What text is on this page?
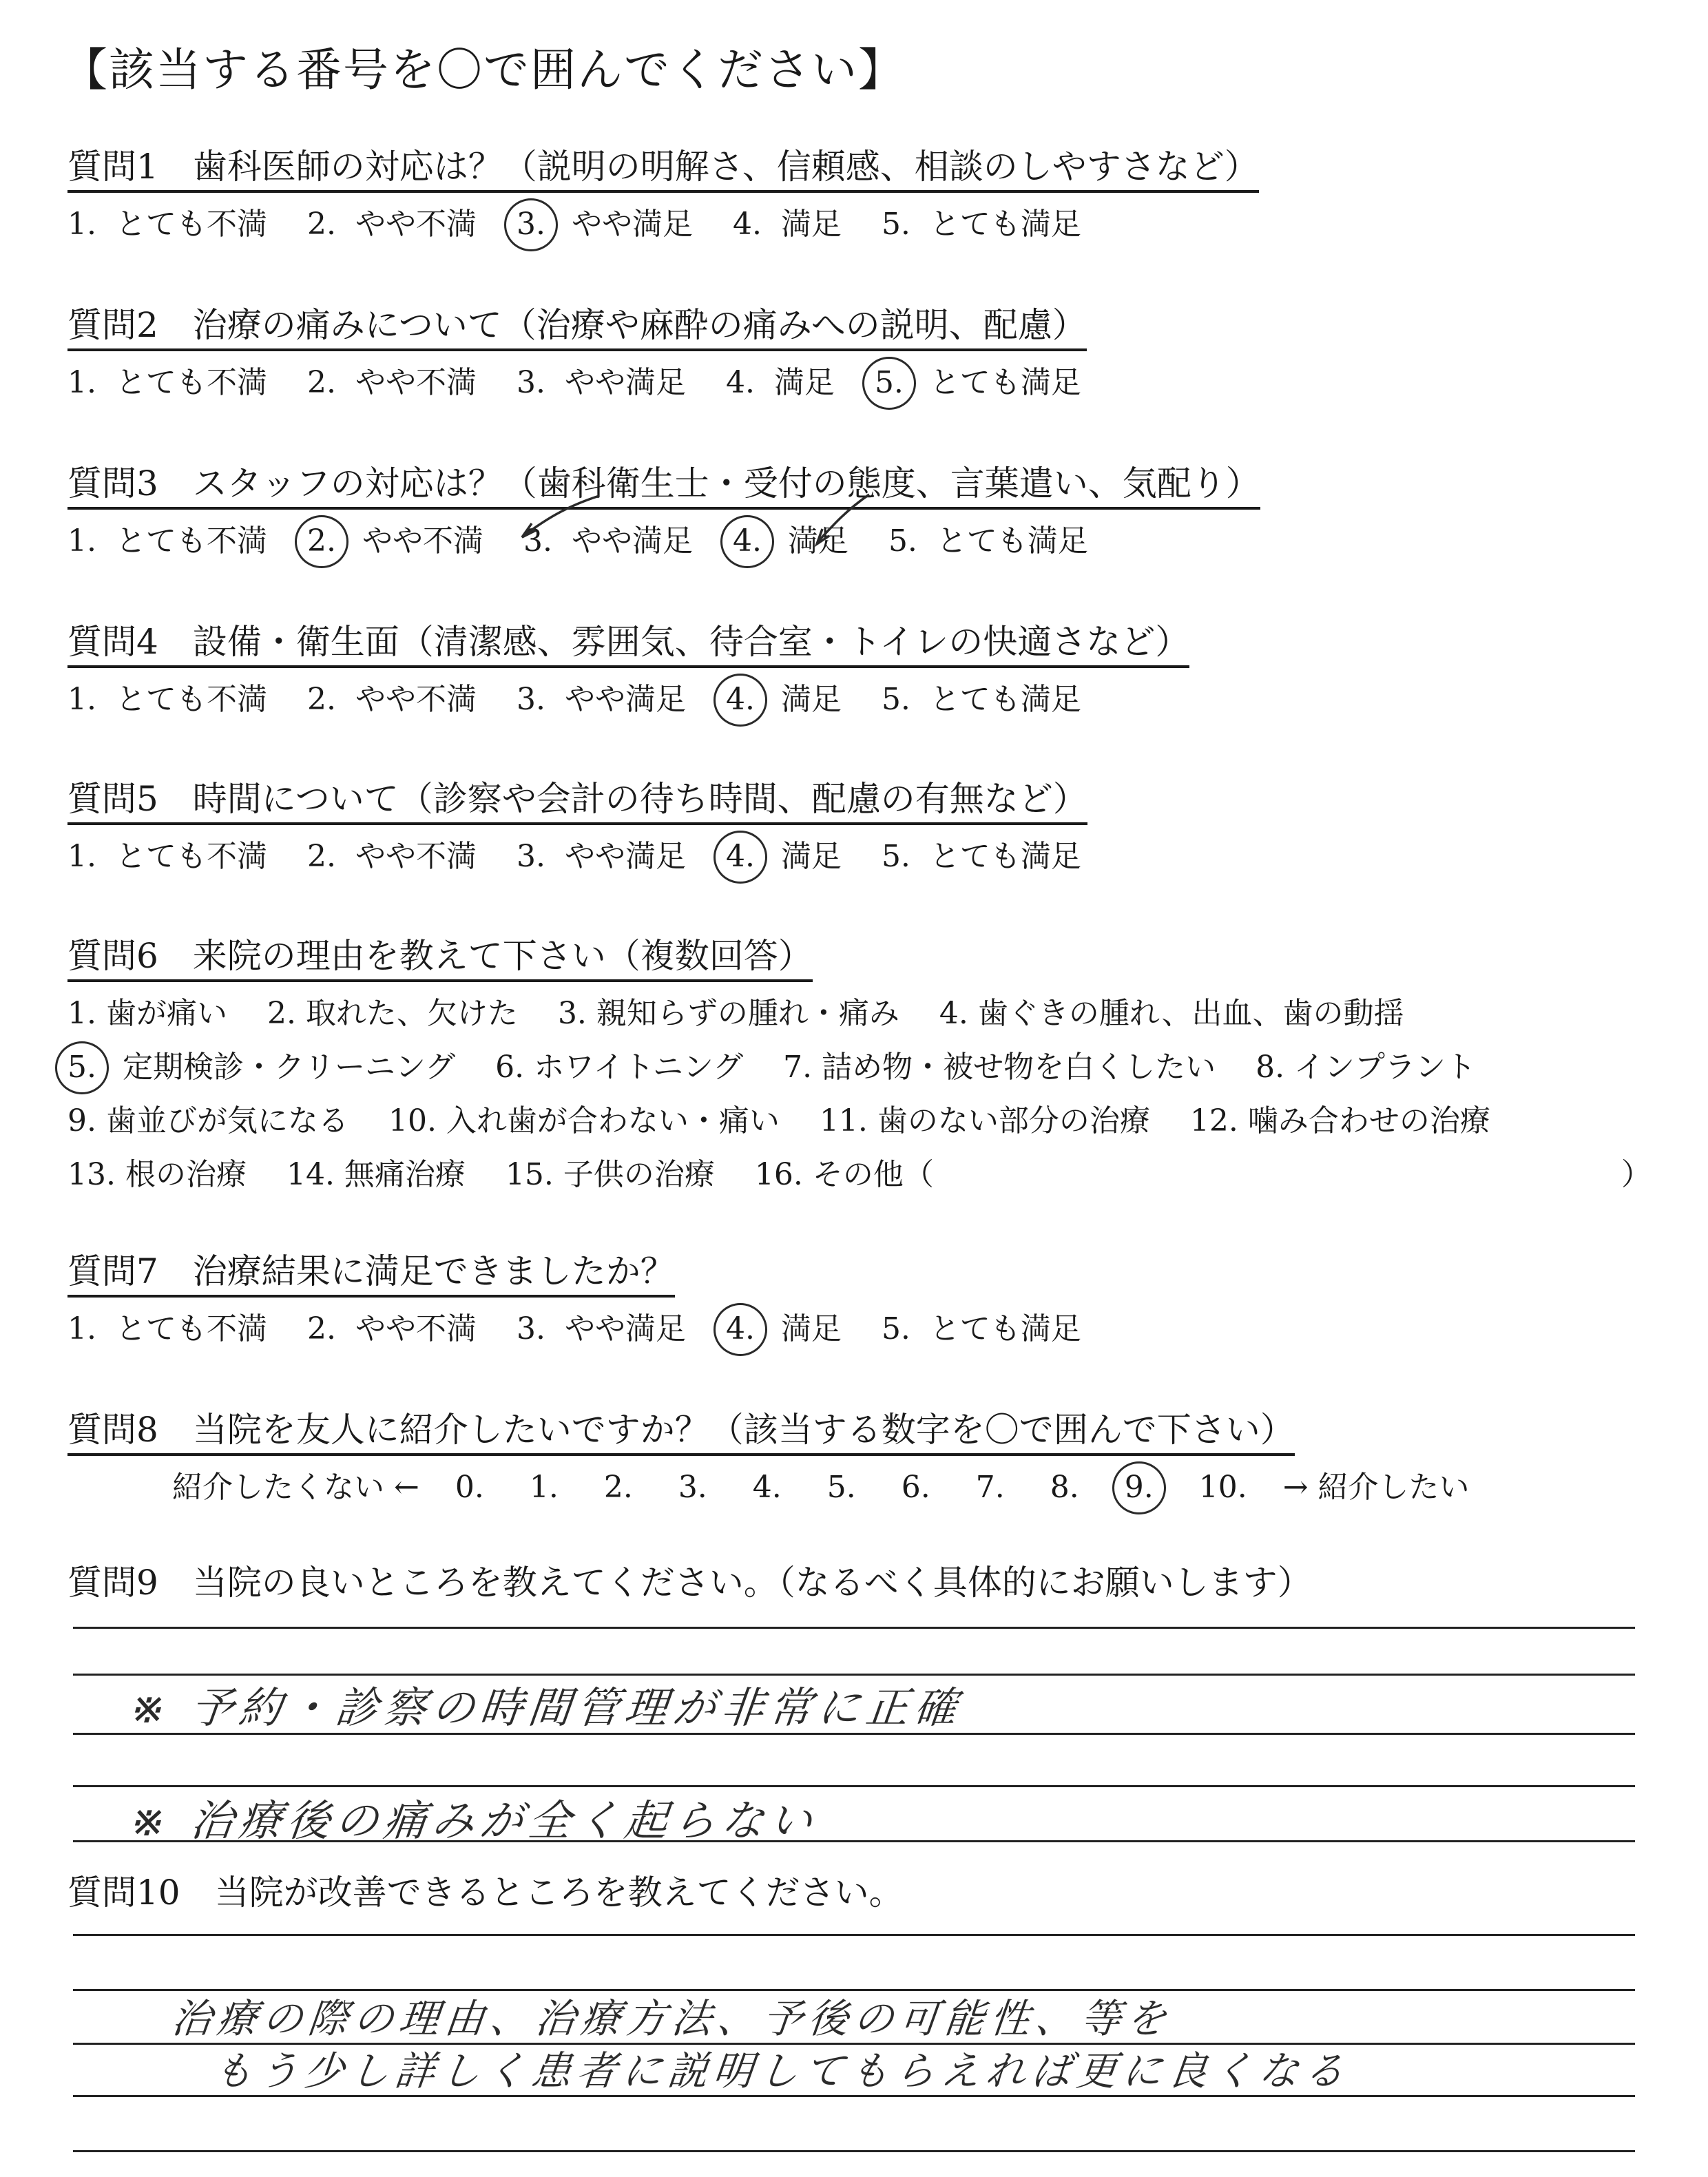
【該当する番号を〇で囲んでください】
質問1　歯科医師の対応は？（説明の明解さ、信頼感、相談のしやすさなど）
1. とても不満 2. やや不満 3. やや満足 4. 満足 5. とても満足
質問2　治療の痛みについて（治療や麻酔の痛みへの説明、配慮）
1. とても不満 2. やや不満 3. やや満足 4. 満足 5. とても満足
質問3　スタッフの対応は？（歯科衛生士・受付の態度、言葉遣い、気配り）
1. とても不満 2. やや不満 3. やや満足 4. 満足 5. とても満足
質問4　設備・衛生面（清潔感、雰囲気、待合室・トイレの快適さなど）
1. とても不満 2. やや不満 3. やや満足 4. 満足 5. とても満足
質問5　時間について（診察や会計の待ち時間、配慮の有無など）
1. とても不満 2. やや不満 3. やや満足 4. 満足 5. とても満足
質問6　来院の理由を教えて下さい（複数回答）
1. 歯が痛い 2. 取れた、欠けた 3. 親知らずの腫れ・痛み 4. 歯ぐきの腫れ、出血、歯の動揺
5. 定期検診・クリーニング 6. ホワイトニング 7. 詰め物・被せ物を白くしたい 8. インプラント
9. 歯並びが気になる 10. 入れ歯が合わない・痛い 11. 歯のない部分の治療 12. 噛み合わせの治療
13. 根の治療 14. 無痛治療 15. 子供の治療 16. その他（	）
質問7　治療結果に満足できましたか？
1. とても不満 2. やや不満 3. やや満足 4. 満足 5. とても満足
質問8　当院を友人に紹介したいですか？（該当する数字を〇で囲んで下さい）
紹介したくない ← 0. 1. 2. 3. 4. 5. 6. 7. 8. 9. 10. → 紹介したい
質問9　当院の良いところを教えてください。（なるべく具体的にお願いします）
※ 予約・診察の時間管理が非常に正確
※ 治療後の痛みが全く起らない
質問10　当院が改善できるところを教えてください。
治療の際の理由、治療方法、予後の可能性、等を
もう少し詳しく患者に説明してもらえれば更に良くなる
